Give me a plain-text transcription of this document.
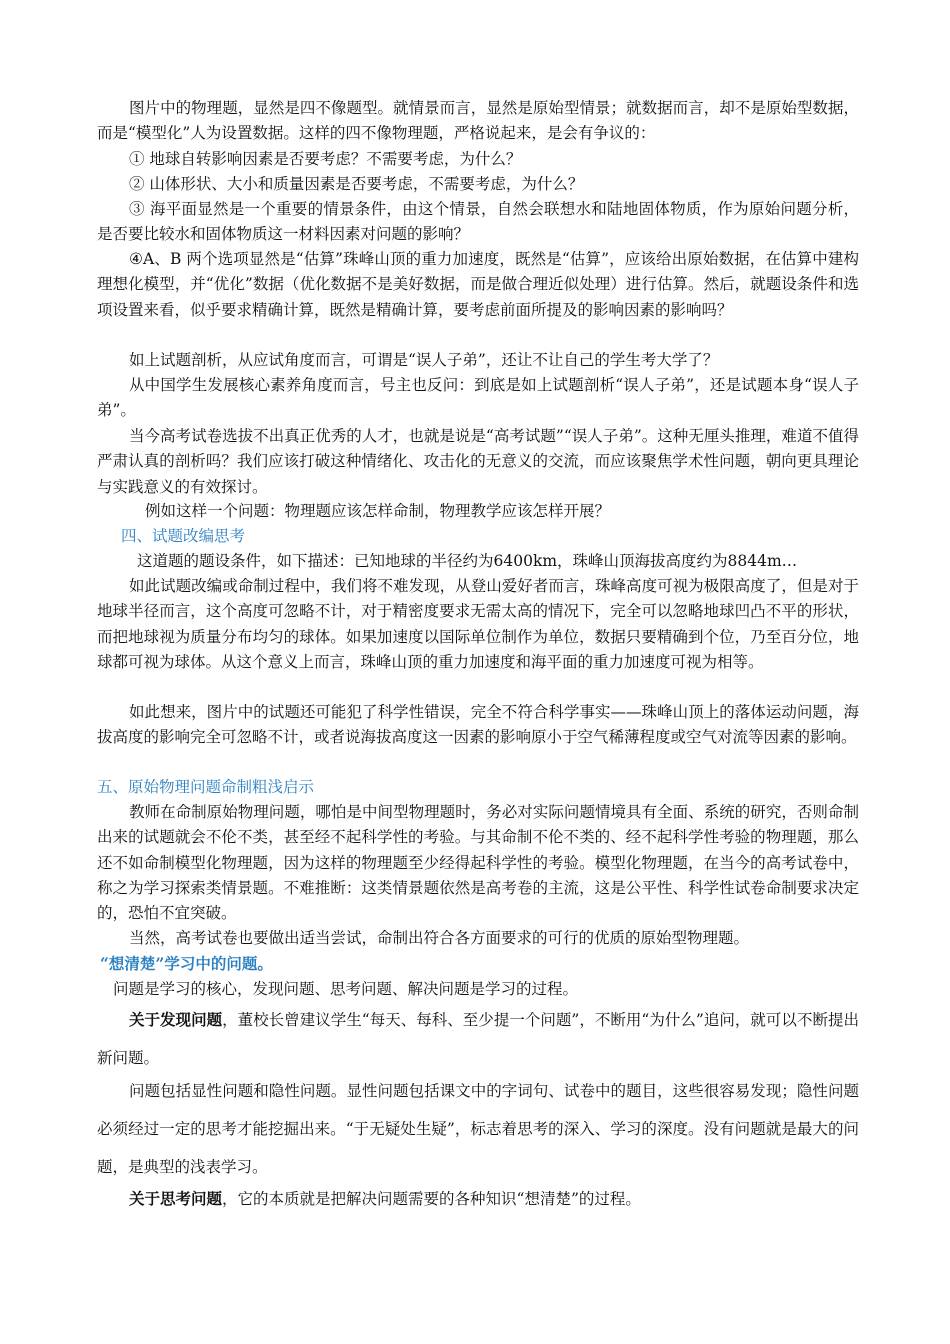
图片中的物理题，显然是四不像题型。就情景而言，显然是原始型情景；就数据而言，却不是原始型数据，而是“模型化”人为设置数据。这样的四不像物理题，严格说起来，是会有争议的：

① 地球自转影响因素是否要考虑？不需要考虑，为什么？

② 山体形状、大小和质量因素是否要考虑，不需要考虑，为什么？

③ 海平面显然是一个重要的情景条件，由这个情景，自然会联想水和陆地固体物质，作为原始问题分析，是否要比较水和固体物质这一材料因素对问题的影响？

④A、B 两个选项显然是“估算”珠峰山顶的重力加速度，既然是“估算”，应该给出原始数据，在估算中建构理想化模型，并“优化”数据（优化数据不是美好数据，而是做合理近似处理）进行估算。然后，就题设条件和选项设置来看，似乎要求精确计算，既然是精确计算，要考虑前面所提及的影响因素的影响吗？

如上试题剖析，从应试角度而言，可谓是“误人子弟”，还让不让自己的学生考大学了？

从中国学生发展核心素养角度而言，号主也反问：到底是如上试题剖析“误人子弟”，还是试题本身“误人子弟”。

当今高考试卷选拔不出真正优秀的人才，也就是说是“高考试题”“误人子弟”。这种无厘头推理，难道不值得严肃认真的剖析吗？我们应该打破这种情绪化、攻击化的无意义的交流，而应该聚焦学术性问题，朝向更具理论与实践意义的有效探讨。

例如这样一个问题：物理题应该怎样命制，物理教学应该怎样开展？

四、试题改编思考

这道题的题设条件，如下描述：已知地球的半径约为6400km，珠峰山顶海拔高度约为8844m…

如此试题改编或命制过程中，我们将不难发现，从登山爱好者而言，珠峰高度可视为极限高度了，但是对于地球半径而言，这个高度可忽略不计，对于精密度要求无需太高的情况下，完全可以忽略地球凹凸不平的形状，而把地球视为质量分布均匀的球体。如果加速度以国际单位制作为单位，数据只要精确到个位，乃至百分位，地球都可视为球体。从这个意义上而言，珠峰山顶的重力加速度和海平面的重力加速度可视为相等。

如此想来，图片中的试题还可能犯了科学性错误，完全不符合科学事实——珠峰山顶上的落体运动问题，海拔高度的影响完全可忽略不计，或者说海拔高度这一因素的影响原小于空气稀薄程度或空气对流等因素的影响。

五、原始物理问题命制粗浅启示

教师在命制原始物理问题，哪怕是中间型物理题时，务必对实际问题情境具有全面、系统的研究，否则命制出来的试题就会不伦不类，甚至经不起科学性的考验。与其命制不伦不类的、经不起科学性考验的物理题，那么还不如命制模型化物理题，因为这样的物理题至少经得起科学性的考验。模型化物理题，在当今的高考试卷中，称之为学习探索类情景题。不难推断：这类情景题依然是高考卷的主流，这是公平性、科学性试卷命制要求决定的，恐怕不宜突破。

当然，高考试卷也要做出适当尝试，命制出符合各方面要求的可行的优质的原始型物理题。

“想清楚”学习中的问题。

问题是学习的核心，发现问题、思考问题、解决问题是学习的过程。

关于发现问题，董校长曾建议学生“每天、每科、至少提一个问题”，不断用“为什么”追问，就可以不断提出新问题。

问题包括显性问题和隐性问题。显性问题包括课文中的字词句、试卷中的题目，这些很容易发现；隐性问题必须经过一定的思考才能挖掘出来。“于无疑处生疑”，标志着思考的深入、学习的深度。没有问题就是最大的问题，是典型的浅表学习。

关于思考问题，它的本质就是把解决问题需要的各种知识“想清楚”的过程。
